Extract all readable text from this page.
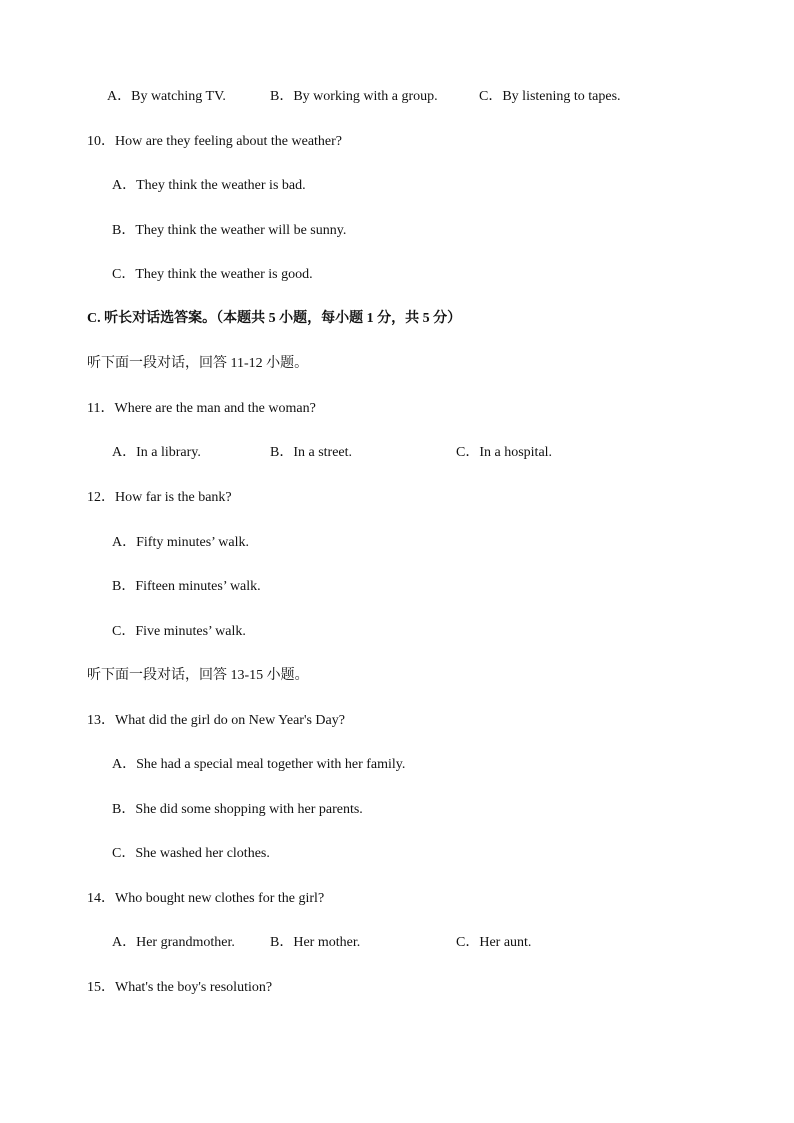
A．By watching TV.	B．By working with a group.	C．By listening to tapes.
10．How are they feeling about the weather?
A．They think the weather is bad.
B．They think the weather will be sunny.
C．They think the weather is good.
C. 听长对话选答案。（本题共 5 小题，每小题 1 分，共 5 分）
听下面一段对话，回答 11-12 小题。
11．Where are the man and the woman?
A．In a library.	B．In a street.	C．In a hospital.
12．How far is the bank?
A．Fifty minutes’ walk.
B．Fifteen minutes’ walk.
C．Five minutes’ walk.
听下面一段对话，回答 13-15 小题。
13．What did the girl do on New Year's Day?
A．She had a special meal together with her family.
B．She did some shopping with her parents.
C．She washed her clothes.
14．Who bought new clothes for the girl?
A．Her grandmother.	B．Her mother.	C．Her aunt.
15．What's the boy's resolution?
